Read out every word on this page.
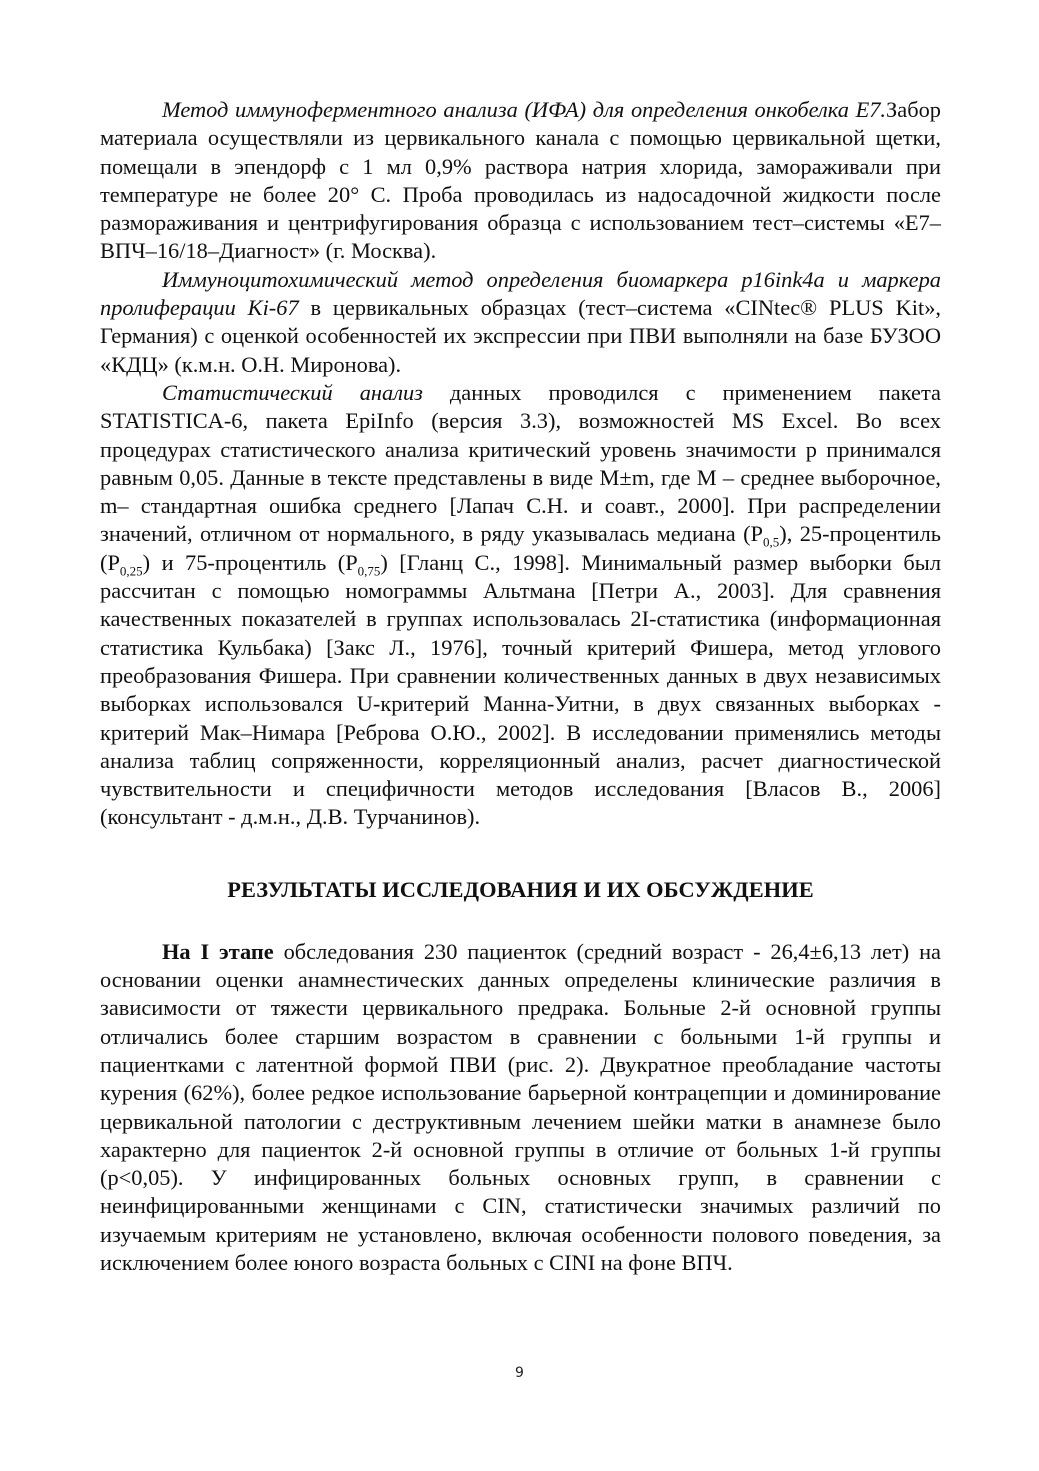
Метод иммуноферментного анализа (ИФА) для определения онкобелка Е7.Забор материала осуществляли из цервикального канала с помощью цервикальной щетки, помещали в эпендорф с 1 мл 0,9% раствора натрия хлорида, замораживали при температуре не более 20° С. Проба проводилась из надосадочной жидкости после размораживания и центрифугирования образца с использованием тест–системы «Е7–ВПЧ–16/18–Диагност» (г. Москва).

Иммуноцитохимический метод определения биомаркера p16ink4a и маркера пролиферации Ki-67 в цервикальных образцах (тест–система «CINtec® PLUS Kit», Германия) с оценкой особенностей их экспрессии при ПВИ выполняли на базе БУЗОО «КДЦ» (к.м.н. О.Н. Миронова).

Статистический анализ данных проводился с применением пакета STATISTICA-6, пакета EpiInfo (версия 3.3), возможностей MS Excel. Во всех процедурах статистического анализа критический уровень значимости р принимался равным 0,05. Данные в тексте представлены в виде M±m, где М – среднее выборочное, m– стандартная ошибка среднего [Лапач С.Н. и соавт., 2000]. При распределении значений, отличном от нормального, в ряду указывалась медиана $(Р_{0,5})$, 25-процентиль $(Р_{0,25})$ и 75-процентиль $(Р_{0,75})$ [Гланц С., 1998]. Минимальный размер выборки был рассчитан с помощью номограммы Альтмана [Петри А., 2003]. Для сравнения качественных показателей в группах использовалась 2I-статистика (информационная статистика Кульбака) [Закс Л., 1976], точный критерий Фишера, метод углового преобразования Фишера. При сравнении количественных данных в двух независимых выборках использовался U-критерий Манна-Уитни, в двух связанных выборках - критерий Мак–Нимара [Реброва О.Ю., 2002]. В исследовании применялись методы анализа таблиц сопряженности, корреляционный анализ, расчет диагностической чувствительности и специфичности методов исследования [Власов В., 2006] (консультант - д.м.н., Д.В. Турчанинов).

РЕЗУЛЬТАТЫ ИССЛЕДОВАНИЯ И ИХ ОБСУЖДЕНИЕ

На I этапе обследования 230 пациенток (средний возраст - 26,4±6,13 лет) на основании оценки анамнестических данных определены клинические различия в зависимости от тяжести цервикального предрака. Больные 2-й основной группы отличались более старшим возрастом в сравнении с больными 1-й группы и пациентками с латентной формой ПВИ (рис. 2). Двукратное преобладание частоты курения (62%), более редкое использование барьерной контрацепции и доминирование цервикальной патологии с деструктивным лечением шейки матки в анамнезе было характерно для пациенток 2-й основной группы в отличие от больных 1-й группы (p<0,05). У инфицированных больных основных групп, в сравнении с неинфицированными женщинами с CIN, статистически значимых различий по изучаемым критериям не установлено, включая особенности полового поведения, за исключением более юного возраста больных с CINI на фоне ВПЧ.

9
